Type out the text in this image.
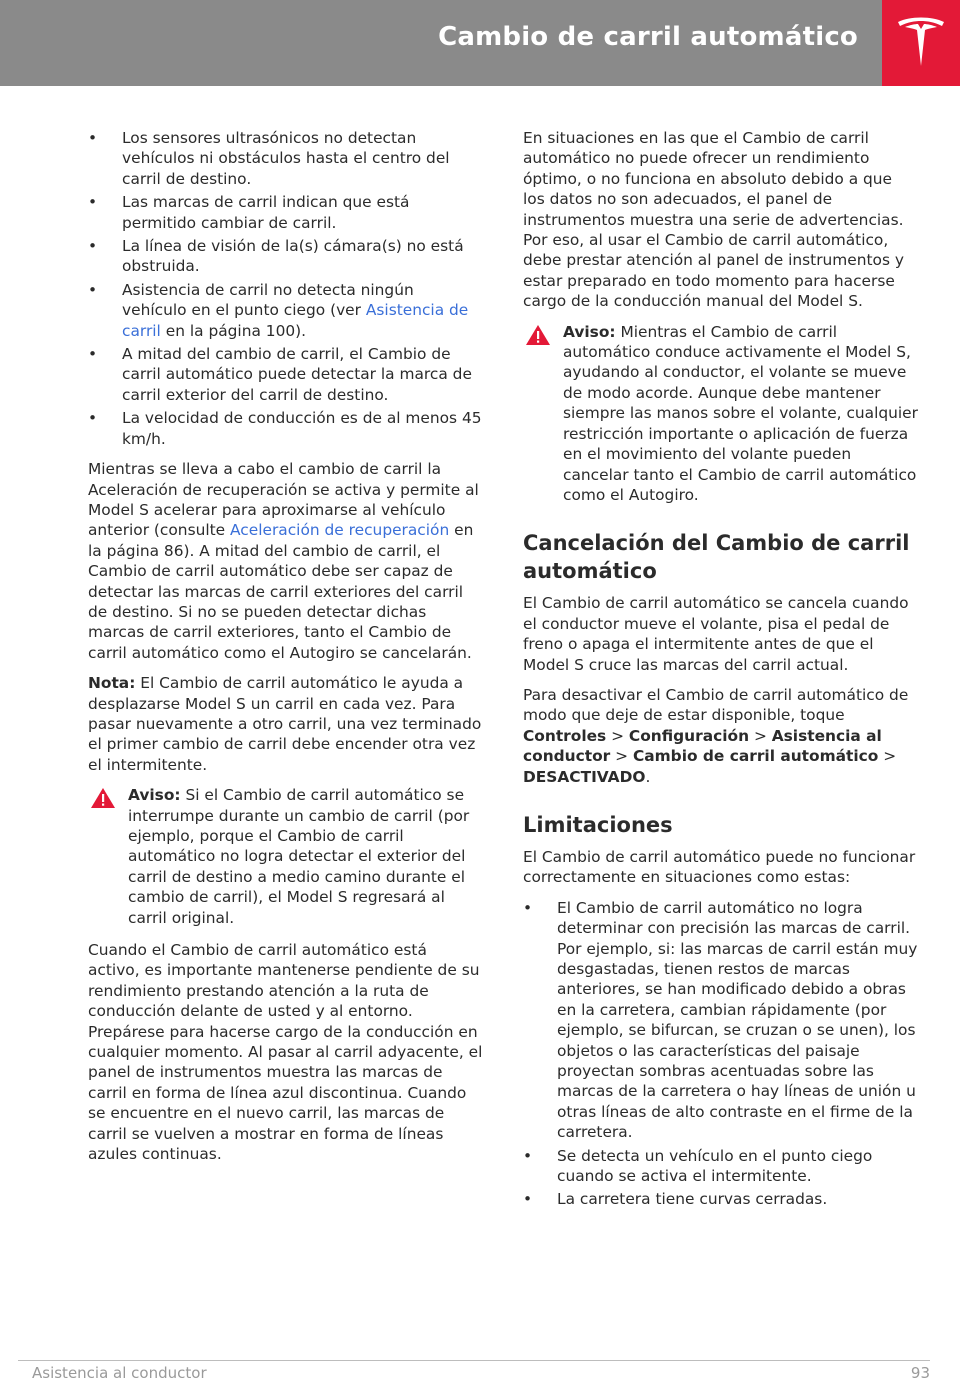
Cambio de carril automático
• Los sensores ultrasónicos no detectan vehículos ni obstáculos hasta el centro del carril de destino.
• Las marcas de carril indican que está permitido cambiar de carril.
• La línea de visión de la(s) cámara(s) no está obstruida.
• Asistencia de carril no detecta ningún vehículo en el punto ciego (ver Asistencia de carril en la página 100).
• A mitad del cambio de carril, el Cambio de carril automático puede detectar la marca de carril exterior del carril de destino.
• La velocidad de conducción es de al menos 45 km/h.

Mientras se lleva a cabo el cambio de carril la Aceleración de recuperación se activa y permite al Model S acelerar para aproximarse al vehículo anterior (consulte Aceleración de recuperación en la página 86). A mitad del cambio de carril, el Cambio de carril automático debe ser capaz de detectar las marcas de carril exteriores del carril de destino. Si no se pueden detectar dichas marcas de carril exteriores, tanto el Cambio de carril automático como el Autogiro se cancelarán.

Nota: El Cambio de carril automático le ayuda a desplazarse Model S un carril en cada vez. Para pasar nuevamente a otro carril, una vez terminado el primer cambio de carril debe encender otra vez el intermitente.

Aviso: Si el Cambio de carril automático se interrumpe durante un cambio de carril (por ejemplo, porque el Cambio de carril automático no logra detectar el exterior del carril de destino a medio camino durante el cambio de carril), el Model S regresará al carril original.

Cuando el Cambio de carril automático está activo, es importante mantenerse pendiente de su rendimiento prestando atención a la ruta de conducción delante de usted y al entorno. Prepárese para hacerse cargo de la conducción en cualquier momento. Al pasar al carril adyacente, el panel de instrumentos muestra las marcas de carril en forma de línea azul discontinua. Cuando se encuentre en el nuevo carril, las marcas de carril se vuelven a mostrar en forma de líneas azules continuas.

En situaciones en las que el Cambio de carril automático no puede ofrecer un rendimiento óptimo, o no funciona en absoluto debido a que los datos no son adecuados, el panel de instrumentos muestra una serie de advertencias. Por eso, al usar el Cambio de carril automático, debe prestar atención al panel de instrumentos y estar preparado en todo momento para hacerse cargo de la conducción manual del Model S.

Aviso: Mientras el Cambio de carril automático conduce activamente el Model S, ayudando al conductor, el volante se mueve de modo acorde. Aunque debe mantener siempre las manos sobre el volante, cualquier restricción importante o aplicación de fuerza en el movimiento del volante pueden cancelar tanto el Cambio de carril automático como el Autogiro.
Cancelación del Cambio de carril automático

El Cambio de carril automático se cancela cuando el conductor mueve el volante, pisa el pedal de freno o apaga el intermitente antes de que el Model S cruce las marcas del carril actual.

Para desactivar el Cambio de carril automático de modo que deje de estar disponible, toque Controles > Configuración > Asistencia al conductor > Cambio de carril automático > DESACTIVADO.

Limitaciones

El Cambio de carril automático puede no funcionar correctamente en situaciones como estas:

• El Cambio de carril automático no logra determinar con precisión las marcas de carril. Por ejemplo, si: las marcas de carril están muy desgastadas, tienen restos de marcas anteriores, se han modificado debido a obras en la carretera, cambian rápidamente (por ejemplo, se bifurcan, se cruzan o se unen), los objetos o las características del paisaje proyectan sombras acentuadas sobre las marcas de la carretera o hay líneas de unión u otras líneas de alto contraste en el firme de la carretera.
• Se detecta un vehículo en el punto ciego cuando se activa el intermitente.
• La carretera tiene curvas cerradas.
Asistencia al conductor	93
